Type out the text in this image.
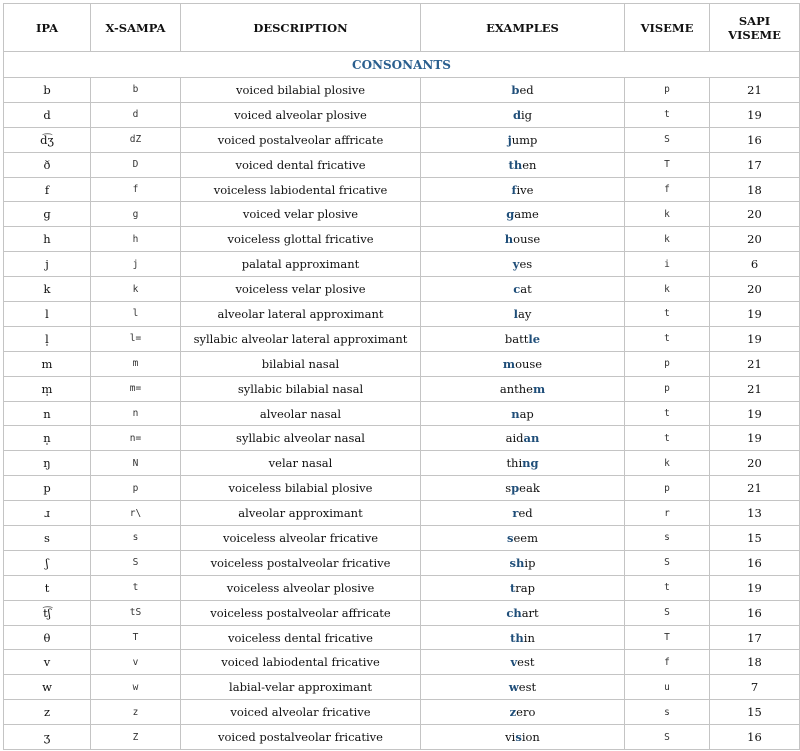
IPA	X-SAMPA	DESCRIPTION	EXAMPLES	VISEME	SAPI
VISEME
CONSONANTS					
b	b	voiced bilabial plosive	bed	p	21
d	d	voiced alveolar plosive	dig	t	19
d͡ʒ	dZ	voiced postalveolar affricate	jump	S	16
ð	D	voiced dental fricative	then	T	17
f	f	voiceless labiodental fricative	five	f	18
ɡ	g	voiced velar plosive	game	k	20
h	h	voiceless glottal fricative	house	k	20
j	j	palatal approximant	yes	i	6
k	k	voiceless velar plosive	cat	k	20
l	l	alveolar lateral approximant	lay	t	19
l̩	l=	syllabic alveolar lateral approximant	battle	t	19
m	m	bilabial nasal	mouse	p	21
m̩	m=	syllabic bilabial nasal	anthem	p	21
n	n	alveolar nasal	nap	t	19
n̩	n=	syllabic alveolar nasal	aidan	t	19
ŋ	N	velar nasal	thing	k	20
p	p	voiceless bilabial plosive	speak	p	21
ɹ	r\	alveolar approximant	red	r	13
s	s	voiceless alveolar fricative	seem	s	15
ʃ	S	voiceless postalveolar fricative	ship	S	16
t	t	voiceless alveolar plosive	trap	t	19
t͡ʃ	tS	voiceless postalveolar affricate	chart	S	16
θ	T	voiceless dental fricative	thin	T	17
v	v	voiced labiodental fricative	vest	f	18
w	w	labial-velar approximant	west	u	7
z	z	voiced alveolar fricative	zero	s	15
ʒ	Z	voiced postalveolar fricative	vision	S	16
